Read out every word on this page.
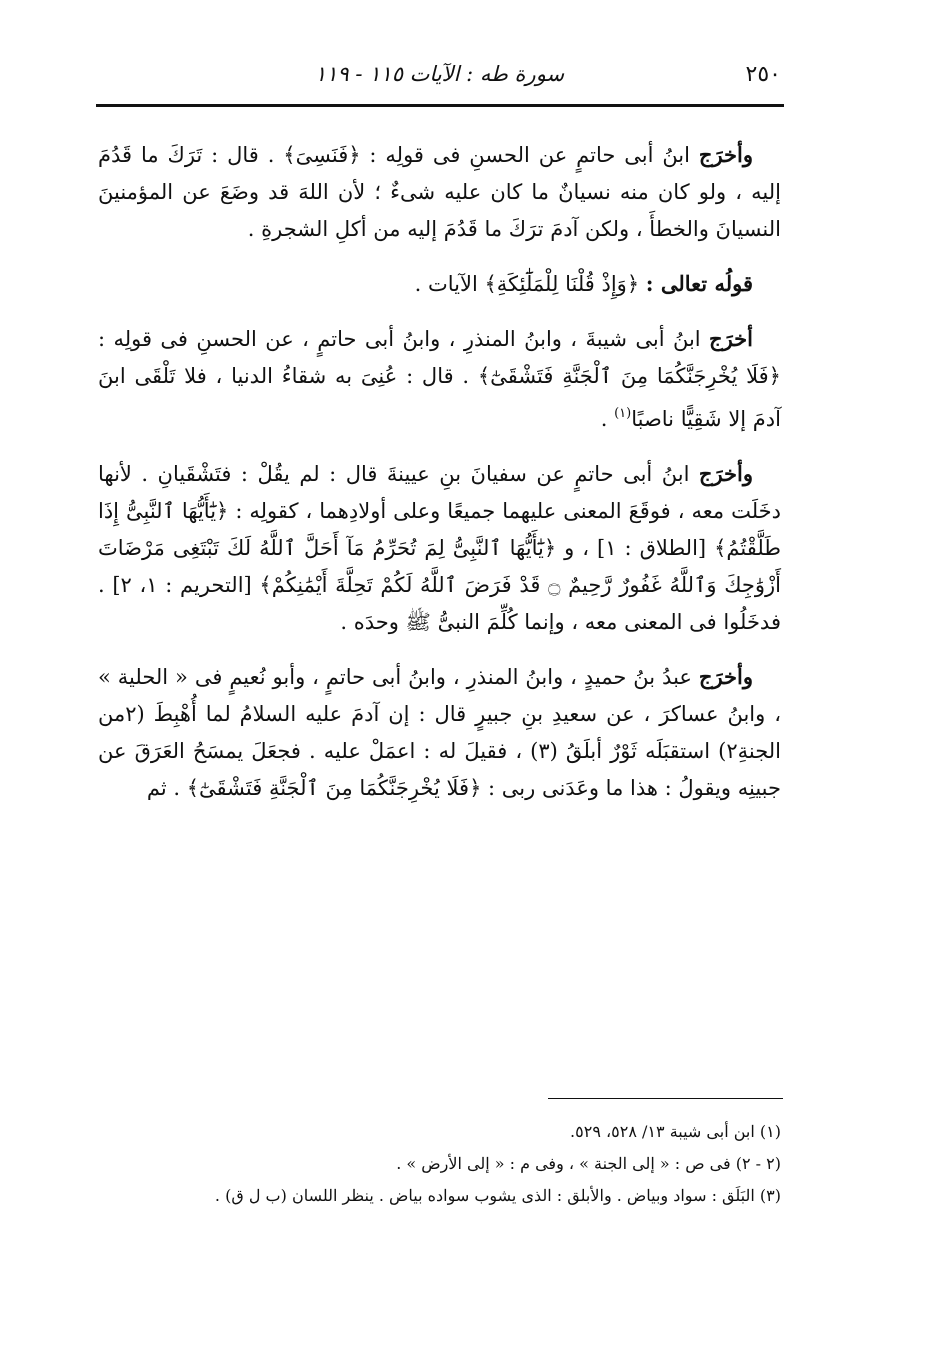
٢٥٠
سورة طه : الآيات ١١٥ - ١١٩

وأخرَج ابنُ أبى حاتمٍ عن الحسنِ فى قولِه : ﴿فَنَسِىَ﴾ . قال : تَرَكَ ما قَدُمَ إليه ، ولو كان منه نسيانٌ ما كان عليه شىءٌ ؛ لأن اللهَ قد وضَعَ عن المؤمنينَ النسيانَ والخطأَ ، ولكن آدمَ ترَكَ ما قَدُمَ إليه من أكلِ الشجرةِ .

قولُه تعالى : ﴿وَإِذْ قُلْنَا لِلْمَلَٰٓئِكَةِ﴾ الآيات .

أخرَج ابنُ أبى شيبةَ ، وابنُ المنذرِ ، وابنُ أبى حاتمٍ ، عن الحسنِ فى قولِه : ﴿فَلَا يُخْرِجَنَّكُمَا مِنَ ٱلْجَنَّةِ فَتَشْقَىٰٓ﴾ . قال : عُنِىَ به شقاءُ الدنيا ، فلا تَلْقَى ابنَ آدمَ إلا شَقِيًّا ناصبًا$^{(١)}$ .

وأخرَج ابنُ أبى حاتمٍ عن سفيانَ بنِ عيينةَ قال : لم يقُلْ : فتَشْقَيانِ . لأنها دخَلَت معه ، فوقَعَ المعنى عليهما جميعًا وعلى أولادِهما ، كقولِه : ﴿يَٰٓأَيُّهَا ٱلنَّبِىُّ إِذَا طَلَّقْتُمُ﴾ [الطلاق : ١] ، و ﴿يَٰٓأَيُّهَا ٱلنَّبِىُّ لِمَ تُحَرِّمُ مَآ أَحَلَّ ٱللَّهُ لَكَ تَبْتَغِى مَرْضَاتَ أَزْوَٰجِكَ وَٱللَّهُ غَفُورٌ رَّحِيمٌ ۝ قَدْ فَرَضَ ٱللَّهُ لَكُمْ تَحِلَّةَ أَيْمَٰنِكُمْ﴾ [التحريم : ١، ٢] . فدخَلُوا فى المعنى معه ، وإنما كُلِّمَ النبىُّ ﷺ وحدَه .

وأخرَج عبدُ بنُ حميدٍ ، وابنُ المنذرِ ، وابنُ أبى حاتمٍ ، وأبو نُعيمٍ فى « الحلية » ، وابنُ عساكرَ ، عن سعيدِ بنِ جبيرٍ قال : إن آدمَ عليه السلامُ لما أُهْبِطَ (٢من الجنةِ٢) استقبَلَه ثَوْرٌ أبلَقُ (٣) ، فقيلَ له : اعمَلْ عليه . فجعَلَ يمسَحُ العَرَقَ عن جبينِه ويقولُ : هذا ما وعَدَنى ربى : ﴿فَلَا يُخْرِجَنَّكُمَا مِنَ ٱلْجَنَّةِ فَتَشْقَىٰٓ﴾ . ثم

(١) ابن أبى شيبة ١٣/ ٥٢٨، ٥٢٩.

(٢ - ٢) فى ص : « إلى الجنة » ، وفى م : « إلى الأرض » .

(٣) البَلَق : سواد وبياض . والأبلق : الذى يشوب سواده بياض . ينظر اللسان (ب ل ق) .
